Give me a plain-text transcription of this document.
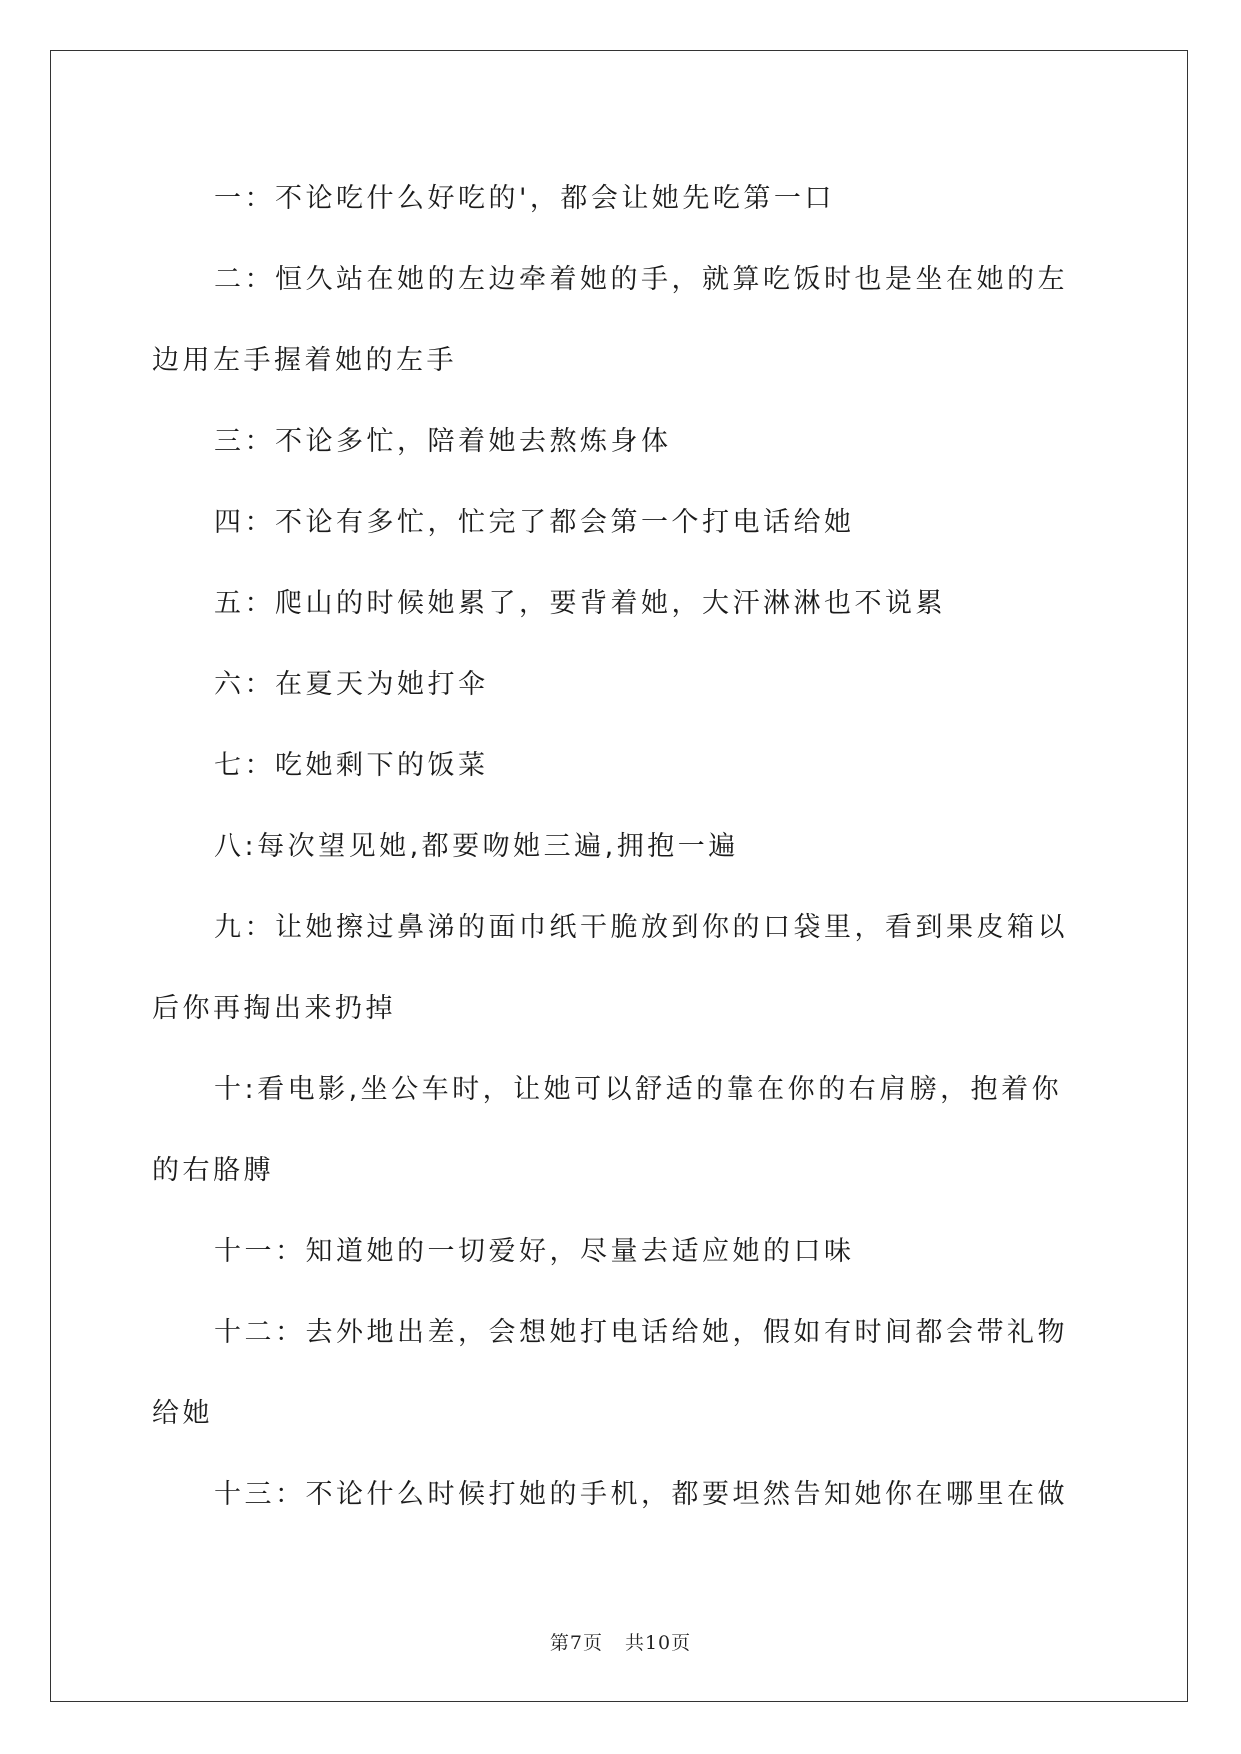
一：不论吃什么好吃的'，都会让她先吃第一口

二：恒久站在她的左边牵着她的手，就算吃饭时也是坐在她的左边用左手握着她的左手

三：不论多忙，陪着她去熬炼身体

四：不论有多忙，忙完了都会第一个打电话给她

五：爬山的时候她累了，要背着她，大汗淋淋也不说累

六：在夏天为她打伞

七：吃她剩下的饭菜

八:每次望见她,都要吻她三遍,拥抱一遍

九：让她擦过鼻涕的面巾纸干脆放到你的口袋里，看到果皮箱以后你再掏出来扔掉

十:看电影,坐公车时，让她可以舒适的靠在你的右肩膀，抱着你的右胳膊

十一：知道她的一切爱好，尽量去适应她的口味

十二：去外地出差，会想她打电话给她，假如有时间都会带礼物给她

十三：不论什么时候打她的手机，都要坦然告知她你在哪里在做

第7页 共10页
